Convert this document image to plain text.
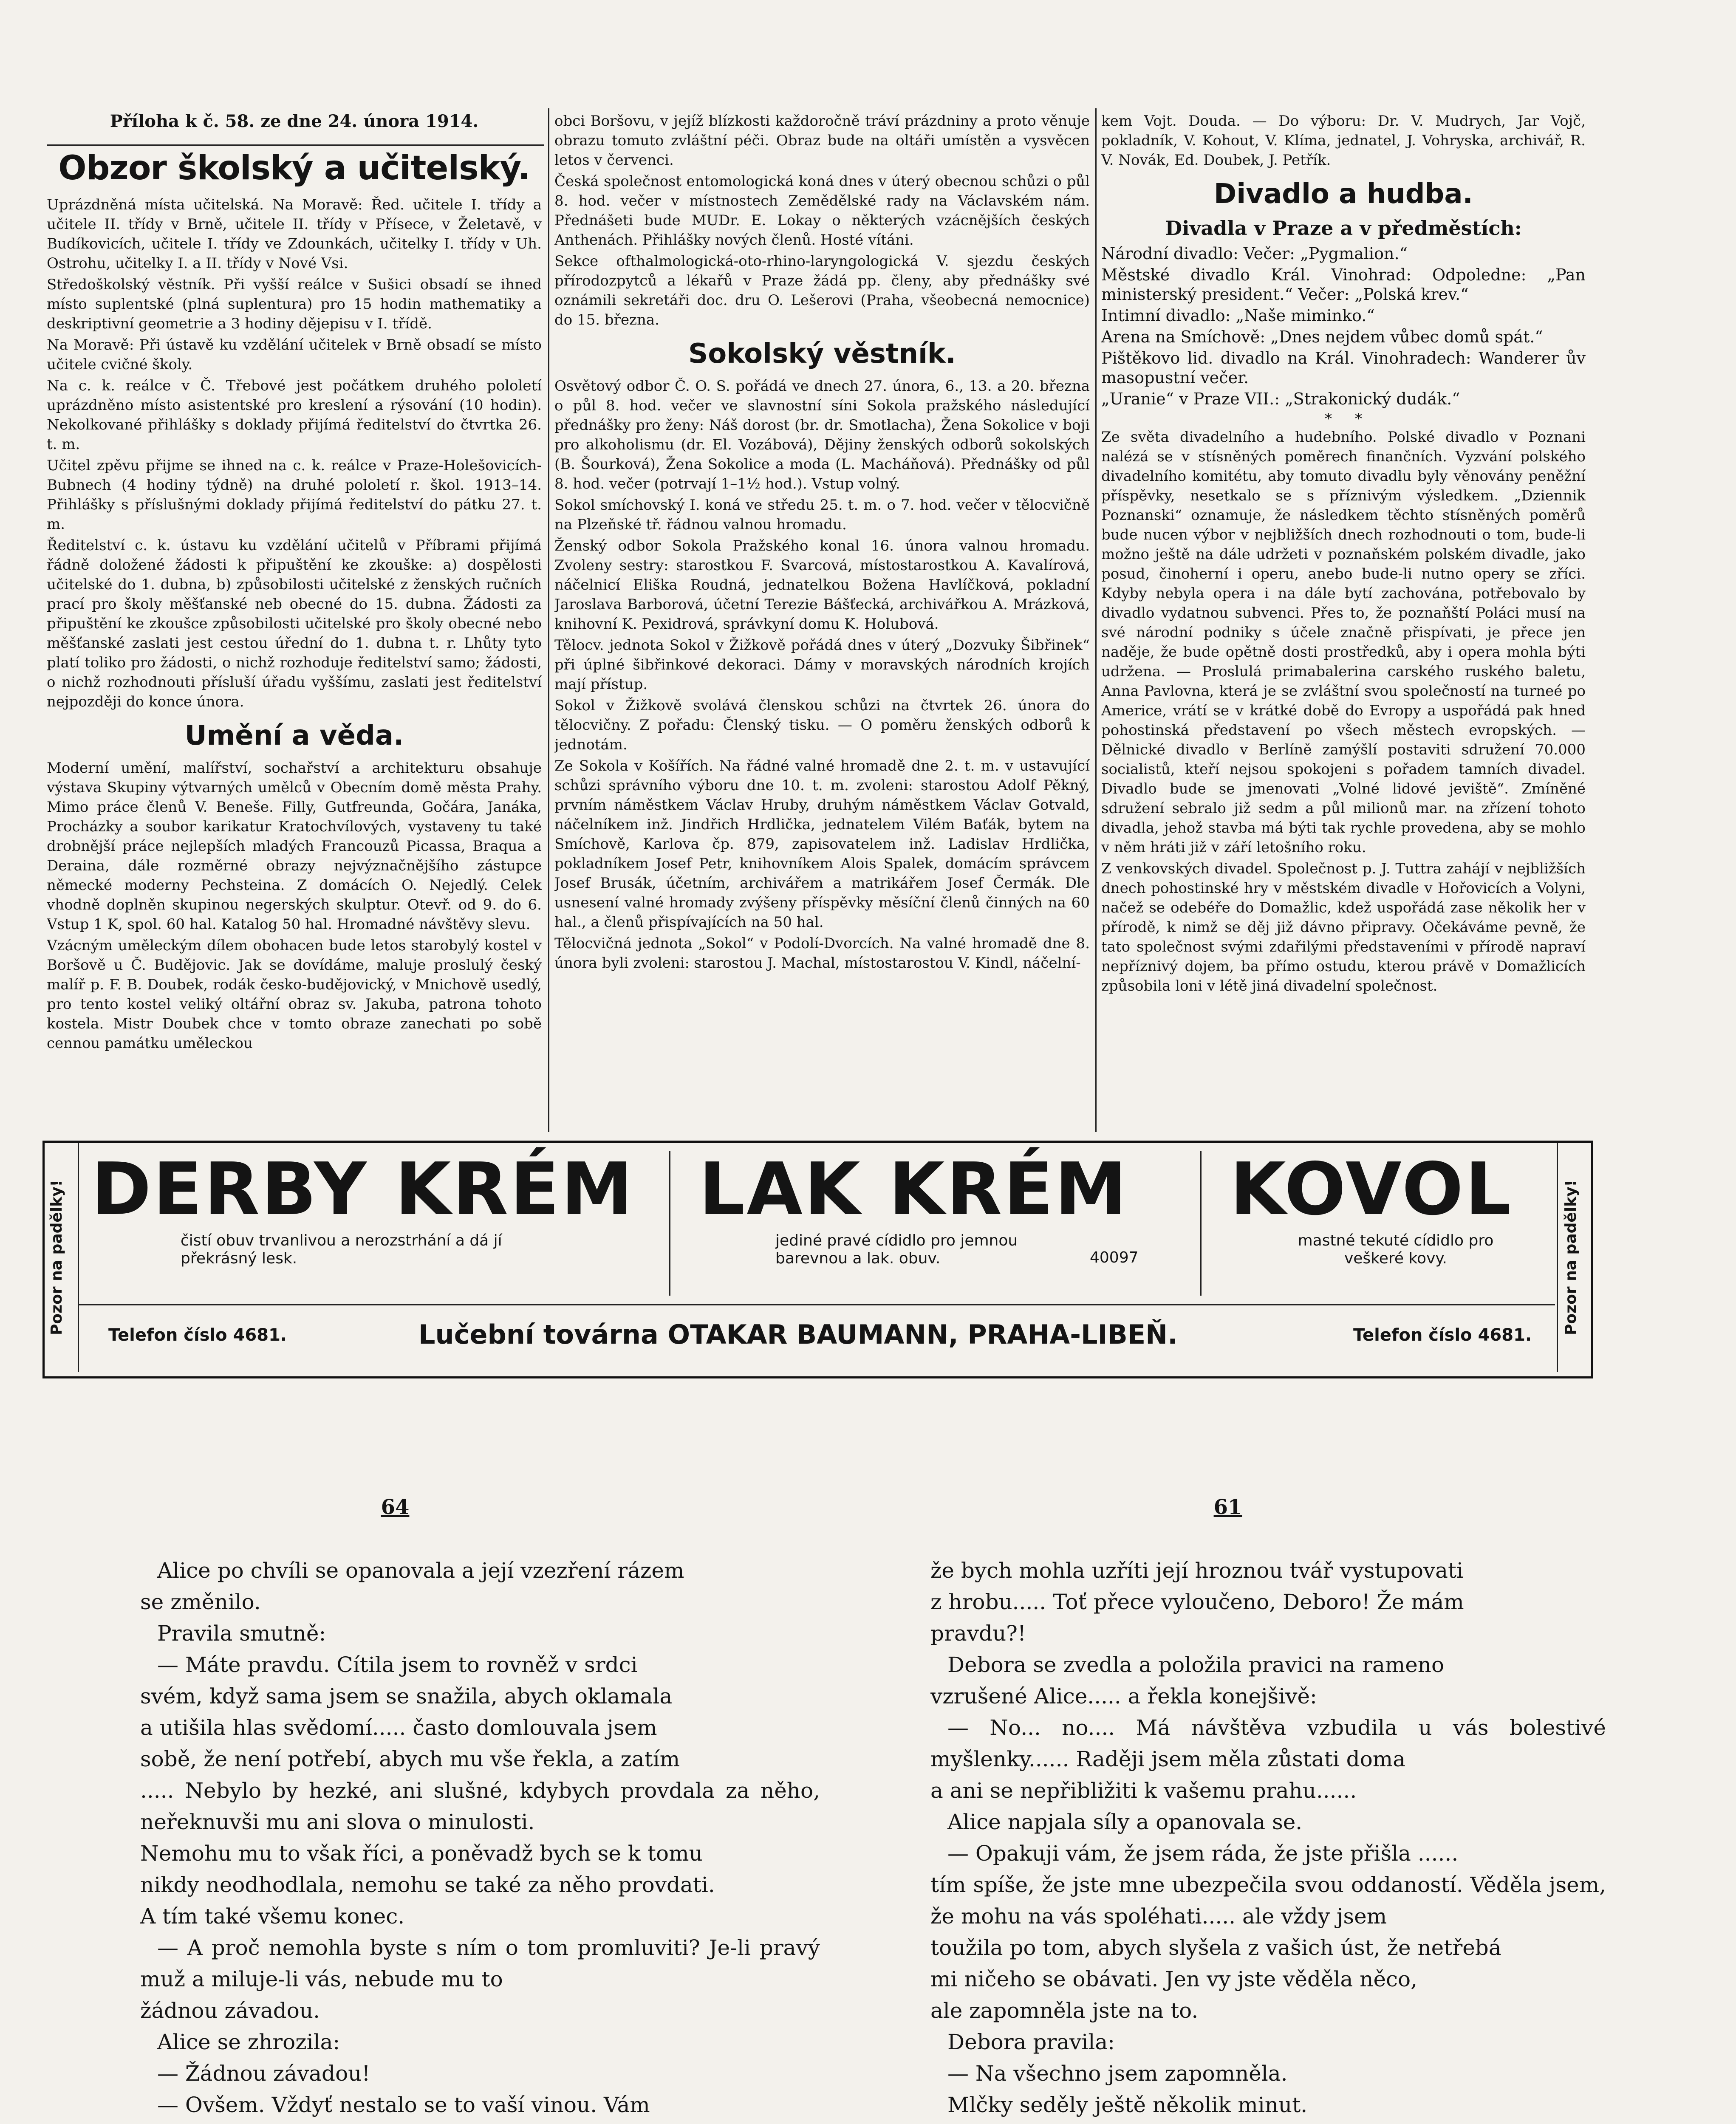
Příloha k č. 58. ze dne 24. února 1914.
Obzor školský a učitelský.

Uprázdněná místa učitelská. Na Moravě: Řed. učitele I. třídy a učitele II. třídy v Brně, učitele II. třídy v Přísece, v Želetavě, v Budíkovicích, učitele I. třídy ve Zdounkách, učitelky I. třídy v Uh. Ostrohu, učitelky I. a II. třídy v Nové Vsi.

Středoškolský věstník. Při vyšší reálce v Sušici obsadí se ihned místo suplentské (plná suplentura) pro 15 hodin mathematiky a deskriptivní geometrie a 3 hodiny dějepisu v I. třídě.

Na Moravě: Při ústavě ku vzdělání učitelek v Brně obsadí se místo učitele cvičné školy.

Na c. k. reálce v Č. Třebové jest počátkem druhého pololetí uprázdněno místo asistentské pro kreslení a rýsování (10 hodin). Nekolkované přihlášky s doklady přijímá ředitelství do čtvrtka 26. t. m.

Učitel zpěvu přijme se ihned na c. k. reálce v Praze-Holešovicích-Bubnech (4 hodiny týdně) na druhé pololetí r. škol. 1913–14. Přihlášky s příslušnými doklady přijímá ředitelství do pátku 27. t. m.

Ředitelství c. k. ústavu ku vzdělání učitelů v Příbrami přijímá řádně doložené žádosti k připuštění ke zkouške: a) dospělosti učitelské do 1. dubna, b) způsobilosti učitelské z ženských ručních prací pro školy měšťanské neb obecné do 15. dubna. Žádosti za připuštění ke zkoušce způsobilosti učitelské pro školy obecné nebo měšťanské zaslati jest cestou úřední do 1. dubna t. r. Lhůty tyto platí toliko pro žádosti, o nichž rozhoduje ředitelství samo; žádosti, o nichž rozhodnouti přísluší úřadu vyššímu, zaslati jest ředitelství nejpozději do konce února.

Umění a věda.

Moderní umění, malířství, sochařství a architekturu obsahuje výstava Skupiny výtvarných umělců v Obecním domě města Prahy. Mimo práce členů V. Beneše. Filly, Gutfreunda, Gočára, Janáka, Procházky a soubor karikatur Kratochvílových, vystaveny tu také drobnější práce nejlepších mladých Francouzů Picassa, Braqua a Deraina, dále rozměrné obrazy nejvýznačnějšího zástupce německé moderny Pechsteina. Z domácích O. Nejedlý. Celek vhodně doplněn skupinou negerských skulptur. Otevř. od 9. do 6. Vstup 1 K, spol. 60 hal. Katalog 50 hal. Hromadné návštěvy slevu.

Vzácným uměleckým dílem obohacen bude letos starobylý kostel v Boršově u Č. Budějovic. Jak se dovídáme, maluje proslulý český malíř p. F. B. Doubek, rodák česko-budějovický, v Mnichově usedlý, pro tento kostel veliký oltářní obraz sv. Jakuba, patrona tohoto kostela. Mistr Doubek chce v tomto obraze zanechati po sobě cennou památku uměleckou

obci Boršovu, v jejíž blízkosti každoročně tráví prázdniny a proto věnuje obrazu tomuto zvláštní péči. Obraz bude na oltáři umístěn a vysvěcen letos v červenci.

Česká společnost entomologická koná dnes v úterý obecnou schůzi o půl 8. hod. večer v místnostech Zemědělské rady na Václavském nám. Přednášeti bude MUDr. E. Lokay o některých vzácnějších českých Anthenách. Přihlášky nových členů. Hosté vítáni.

Sekce ofthalmologická-oto-rhino-laryngologická V. sjezdu českých přírodozpytců a lékařů v Praze žádá pp. členy, aby přednášky své oznámili sekretáři doc. dru O. Lešerovi (Praha, všeobecná nemocnice) do 15. března.

Sokolský věstník.

Osvětový odbor Č. O. S. pořádá ve dnech 27. února, 6., 13. a 20. března o půl 8. hod. večer ve slavnostní síni Sokola pražského následující přednášky pro ženy: Náš dorost (br. dr. Smotlacha), Žena Sokolice v boji pro alkoholismu (dr. El. Vozábová), Dějiny ženských odborů sokolských (B. Šourková), Žena Sokolice a moda (L. Macháňová). Přednášky od půl 8. hod. večer (potrvají 1–1½ hod.). Vstup volný.

Sokol smíchovský I. koná ve středu 25. t. m. o 7. hod. večer v tělocvičně na Plzeňské tř. řádnou valnou hromadu.

Ženský odbor Sokola Pražského konal 16. února valnou hromadu. Zvoleny sestry: starostkou F. Svarcová, místostarostkou A. Kavalírová, náčelnicí Eliška Roudná, jednatelkou Božena Havlíčková, pokladní Jaroslava Barborová, účetní Terezie Bášťecká, archivářkou A. Mrázková, knihovní K. Pexidrová, správkyní domu K. Holubová.

Tělocv. jednota Sokol v Žižkově pořádá dnes v úterý „Dozvuky Šibřinek“ při úplné šibřinkové dekoraci. Dámy v moravských národních krojích mají přístup.

Sokol v Žižkově svolává členskou schůzi na čtvrtek 26. února do tělocvičny. Z pořadu: Členský tisku. — O poměru ženských odborů k jednotám.

Ze Sokola v Košířích. Na řádné valné hromadě dne 2. t. m. v ustavující schůzi správního výboru dne 10. t. m. zvoleni: starostou Adolf Pěkný, prvním náměstkem Václav Hruby, druhým náměstkem Václav Gotvald, náčelníkem inž. Jindřich Hrdlička, jednatelem Vilém Baťák, bytem na Smíchově, Karlova čp. 879, zapisovatelem inž. Ladislav Hrdlička, pokladníkem Josef Petr, knihovníkem Alois Spalek, domácím správcem Josef Brusák, účetním, archivářem a matrikářem Josef Čermák. Dle usnesení valné hromady zvýšeny příspěvky měsíční členů činných na 60 hal., a členů přispívajících na 50 hal.

Tělocvičná jednota „Sokol“ v Podolí-Dvorcích. Na valné hromadě dne 8. února byli zvoleni: starostou J. Machal, místostarostou V. Kindl, náčelní-

kem Vojt. Douda. — Do výboru: Dr. V. Mudrych, Jar Vojč, pokladník, V. Kohout, V. Klíma, jednatel, J. Vohryska, archivář, R. V. Novák, Ed. Doubek, J. Petřík.

Divadlo a hudba.
Divadla v Praze a v předměstích:

Národní divadlo: Večer: „Pygmalion.“

Městské divadlo Král. Vinohrad: Odpoledne: „Pan ministerský president.“ Večer: „Polská krev.“

Intimní divadlo: „Naše miminko.“

Arena na Smíchově: „Dnes nejdem vůbec domů spát.“

Pištěkovo lid. divadlo na Král. Vinohradech: Wanderer ův masopustní večer.

„Uranie“ v Praze VII.: „Strakonický dudák.“

*     *

Ze světa divadelního a hudebního. Polské divadlo v Poznani nalézá se v stísněných poměrech finančních. Vyzvání polského divadelního komitétu, aby tomuto divadlu byly věnovány peněžní příspěvky, nesetkalo se s příznivým výsledkem. „Dziennik Poznanski“ oznamuje, že následkem těchto stísněných poměrů bude nucen výbor v nejbližších dnech rozhodnouti o tom, bude-li možno ještě na dále udržeti v poznaňském polském divadle, jako posud, činoherní i operu, anebo bude-li nutno opery se zříci. Kdyby nebyla opera i na dále bytí zachována, potřebovalo by divadlo vydatnou subvenci. Přes to, že poznaňští Poláci musí na své národní podniky s účele značně přispívati, je přece jen naděje, že bude opětně dosti prostředků, aby i opera mohla býti udržena. — Proslulá primabalerina carského ruského baletu, Anna Pavlovna, která je se zvláštní svou společností na turneé po Americe, vrátí se v krátké době do Evropy a uspořádá pak hned pohostinská představení po všech městech evropských. — Dělnické divadlo v Berlíně zamýšlí postaviti sdružení 70.000 socialistů, kteří nejsou spokojeni s pořadem tamních divadel. Divadlo bude se jmenovati „Volné lidové jeviště“. Zmíněné sdružení sebralo již sedm a půl milionů mar. na zřízení tohoto divadla, jehož stavba má býti tak rychle provedena, aby se mohlo v něm hráti již v září letošního roku.

Z venkovských divadel. Společnost p. J. Tuttra zahájí v nejbližších dnech pohostinské hry v městském divadle v Hořovicích a Volyni, načež se odebéře do Domažlic, kdež uspořádá zase několik her v přírodě, k nimž se děj již dávno připravy. Očekáváme pevně, že tato společnost svými zdařilými představeními v přírodě napraví nepříznivý dojem, ba přímo ostudu, kterou právě v Domažlicích způsobila loni v létě jiná divadelní společnost.

Pozor na padělky!	Pozor na padělky!
DERBY KRÉM
čistí obuv trvanlivou a nerozstrhání a dá jí překrásný lesk.
LAK KRÉM
jediné pravé cídidlo pro jemnou barevnou a lak. obuv.	40097
KOVOL
mastné tekuté cídidlo pro veškeré kovy.
Telefon číslo 4681.	Lučební továrna OTAKAR BAUMANN, PRAHA-LIBEŇ.	Telefon číslo 4681.
64	61
Alice po chvíli se opanovala a její vzezření rázem
se změnilo.
Pravila smutně:
— Máte pravdu. Cítila jsem to rovněž v srdci
svém, když sama jsem se snažila, abych oklamala
a utišila hlas svědomí..... často domlouvala jsem
sobě, že není potřebí, abych mu vše řekla, a zatím
..... Nebylo by hezké, ani slušné, kdybych provdala za něho, neřeknuvši mu ani slova o minulosti.
Nemohu mu to však říci, a poněvadž bych se k tomu
nikdy neodhodlala, nemohu se také za něho provdati.
A tím také všemu konec.
— A proč nemohla byste s ním o tom promluviti? Je-li pravý muž a miluje-li vás, nebude mu to
žádnou závadou.
Alice se zhrozila:
— Žádnou závadou!
— Ovšem. Vždyť nestalo se to vaší vinou. Vám
že bych mohla uzříti její hroznou tvář vystupovati
z hrobu..... Toť přece vyloučeno, Deboro! Že mám
pravdu?!
Debora se zvedla a položila pravici na rameno
vzrušené Alice..... a řekla konejšivě:
— No... no.... Má návštěva vzbudila u vás bolestivé myšlenky...... Raději jsem měla zůstati doma
a ani se nepřibližiti k vašemu prahu......
Alice napjala síly a opanovala se.
— Opakuji vám, že jsem ráda, že jste přišla ......
tím spíše, že jste mne ubezpečila svou oddaností. Věděla jsem, že mohu na vás spoléhati..... ale vždy jsem
toužila po tom, abych slyšela z vašich úst, že netřebá
mi ničeho se obávati. Jen vy jste věděla něco,
ale zapomněla jste na to.
Debora pravila:
— Na všechno jsem zapomněla.
Mlčky seděly ještě několik minut.
